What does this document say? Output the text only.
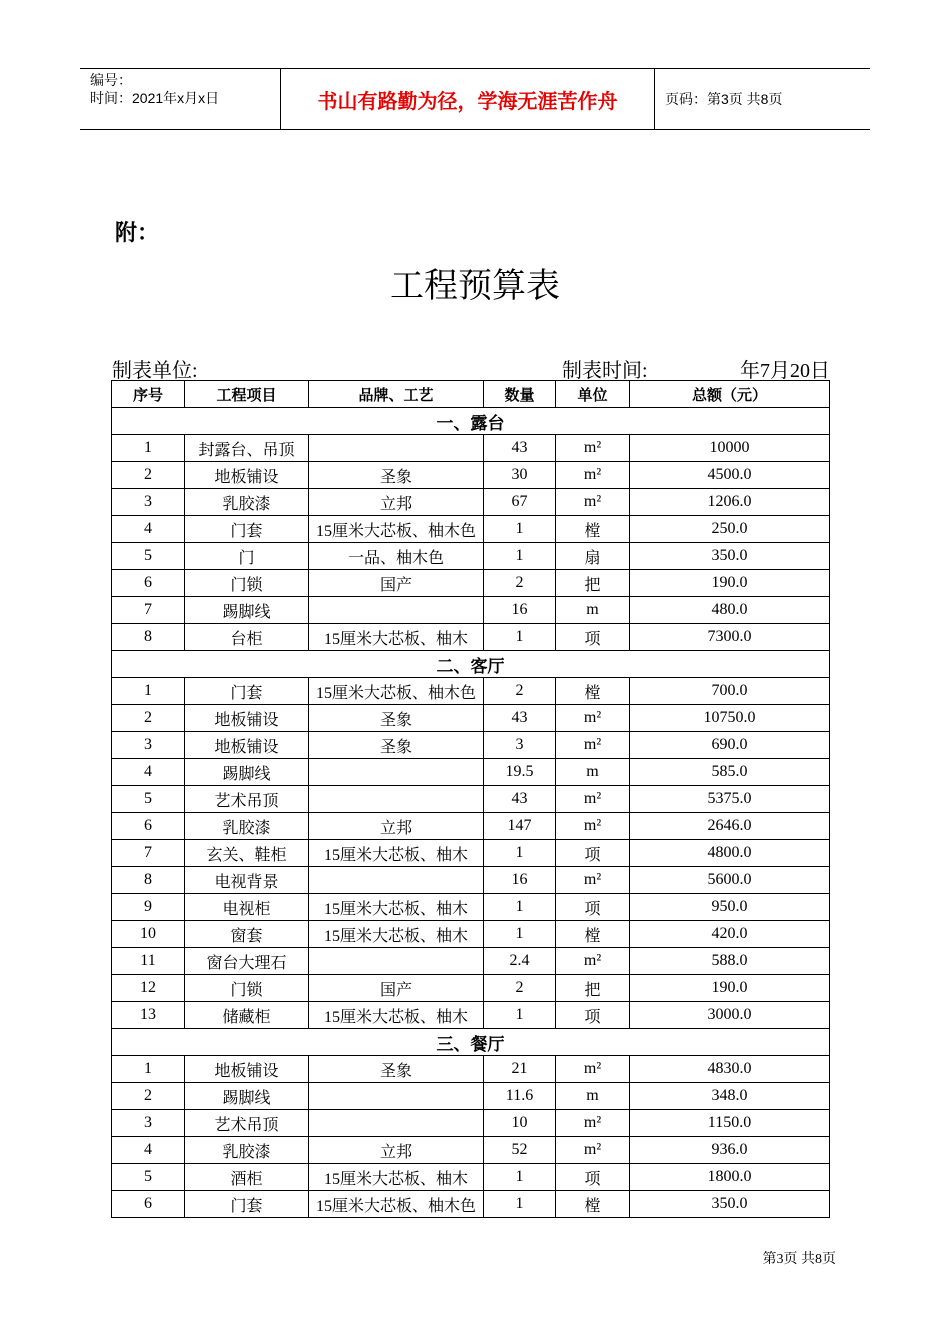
编号：
时间：2021年x月x日	书山有路勤为径，学海无涯苦作舟	页码：第3页 共8页
附：
工程预算表
制表单位:	制表时间:	年7月20日
序号	工程项目	品牌、工艺	数量	单位	总额（元）
一、露台					
1	封露台、吊顶		43	m²	10000
2	地板铺设	圣象	30	m²	4500.0
3	乳胶漆	立邦	67	m²	1206.0
4	门套	15厘米大芯板、柚木色	1	樘	250.0
5	门	一品、柚木色	1	扇	350.0
6	门锁	国产	2	把	190.0
7	踢脚线		16	m	480.0
8	台柜	15厘米大芯板、柚木	1	项	7300.0
二、客厅					
1	门套	15厘米大芯板、柚木色	2	樘	700.0
2	地板铺设	圣象	43	m²	10750.0
3	地板铺设	圣象	3	m²	690.0
4	踢脚线		19.5	m	585.0
5	艺术吊顶		43	m²	5375.0
6	乳胶漆	立邦	147	m²	2646.0
7	玄关、鞋柜	15厘米大芯板、柚木	1	项	4800.0
8	电视背景		16	m²	5600.0
9	电视柜	15厘米大芯板、柚木	1	项	950.0
10	窗套	15厘米大芯板、柚木	1	樘	420.0
11	窗台大理石		2.4	m²	588.0
12	门锁	国产	2	把	190.0
13	储藏柜	15厘米大芯板、柚木	1	项	3000.0
三、餐厅					
1	地板铺设	圣象	21	m²	4830.0
2	踢脚线		11.6	m	348.0
3	艺术吊顶		10	m²	1150.0
4	乳胶漆	立邦	52	m²	936.0
5	酒柜	15厘米大芯板、柚木	1	项	1800.0
6	门套	15厘米大芯板、柚木色	1	樘	350.0
第3页 共8页
